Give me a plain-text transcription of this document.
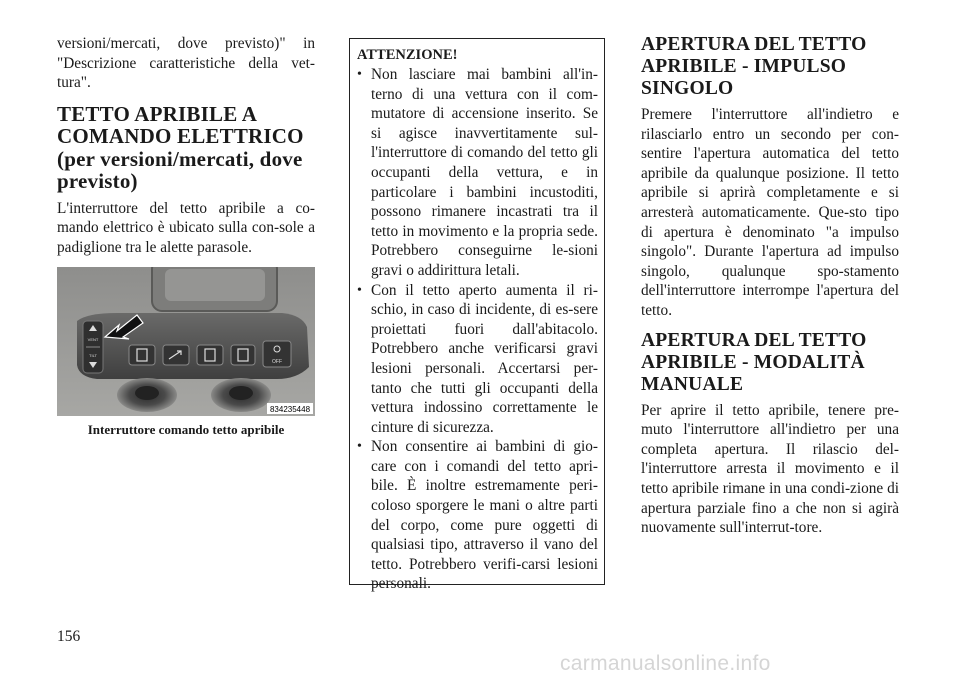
versioni/mercati, dove previsto)" in "Descrizione caratteristiche della vet-tura".

TETTO APRIBILE A COMANDO ELETTRICO (per versioni/mercati, dove previsto)

L'interruttore del tetto apribile a co-mando elettrico è ubicato sulla con-sole a padiglione tra le alette parasole.

VENT
TILT
OFF
834235448
Interruttore comando tetto apribile
ATTENZIONE!
• Non lasciare mai bambini all'in-terno di una vettura con il com-mutatore di accensione inserito. Se si agisce inavvertitamente sul-l'interruttore di comando del tetto gli occupanti della vettura, e in particolare i bambini incustoditi, possono rimanere incastrati tra il tetto in movimento e la propria sede. Potrebbero conseguirne le-sioni gravi o addirittura letali.
• Con il tetto aperto aumenta il ri-schio, in caso di incidente, di es-sere proiettati fuori dall'abitacolo. Potrebbero anche verificarsi gravi lesioni personali. Accertarsi per-tanto che tutti gli occupanti della vettura indossino correttamente le cinture di sicurezza.
• Non consentire ai bambini di gio-care con i comandi del tetto apri-bile. È inoltre estremamente peri-coloso sporgere le mani o altre parti del corpo, come pure oggetti di qualsiasi tipo, attraverso il vano del tetto. Potrebbero verifi-carsi lesioni personali.
APERTURA DEL TETTO APRIBILE - IMPULSO SINGOLO

Premere l'interruttore all'indietro e rilasciarlo entro un secondo per con-sentire l'apertura automatica del tetto apribile da qualunque posizione. Il tetto apribile si aprirà completamente e si arresterà automaticamente. Que-sto tipo di apertura è denominato "a impulso singolo". Durante l'apertura ad impulso singolo, qualunque spo-stamento dell'interruttore interrompe l'apertura del tetto.

APERTURA DEL TETTO APRIBILE - MODALITÀ MANUALE

Per aprire il tetto apribile, tenere pre-muto l'interruttore all'indietro per una completa apertura. Il rilascio del-l'interruttore arresta il movimento e il tetto apribile rimane in una condi-zione di apertura parziale fino a che non si agirà nuovamente sull'interrut-tore.

156
carmanualsonline.info
